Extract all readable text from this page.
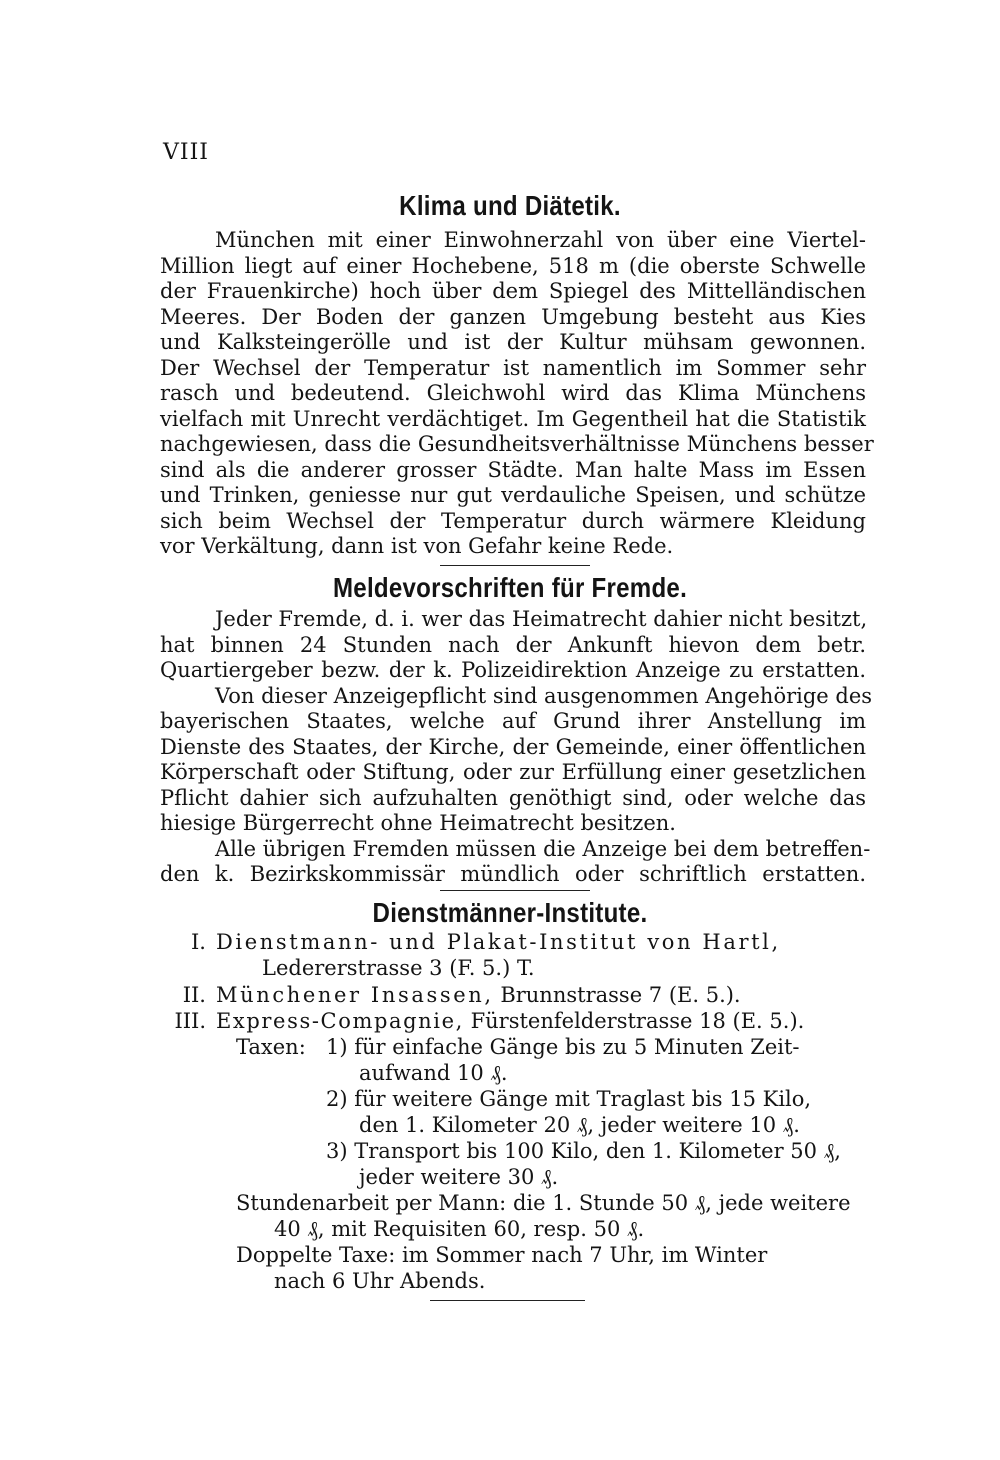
VIII
Klima und Diätetik.
München mit einer Einwohnerzahl von über eine Viertel-
Million liegt auf einer Hochebene, 518 m (die oberste Schwelle
der Frauenkirche) hoch über dem Spiegel des Mittelländischen
Meeres. Der Boden der ganzen Umgebung besteht aus Kies
und Kalksteingerölle und ist der Kultur mühsam gewonnen.
Der Wechsel der Temperatur ist namentlich im Sommer sehr
rasch und bedeutend. Gleichwohl wird das Klima Münchens
vielfach mit Unrecht verdächtiget. Im Gegentheil hat die Statistik
nachgewiesen, dass die Gesundheitsverhältnisse Münchens besser
sind als die anderer grosser Städte. Man halte Mass im Essen
und Trinken, geniesse nur gut verdauliche Speisen, und schütze
sich beim Wechsel der Temperatur durch wärmere Kleidung
vor Verkältung, dann ist von Gefahr keine Rede.
Meldevorschriften für Fremde.
Jeder Fremde, d. i. wer das Heimatrecht dahier nicht besitzt,
hat binnen 24 Stunden nach der Ankunft hievon dem betr.
Quartiergeber bezw. der k. Polizeidirektion Anzeige zu erstatten.
Von dieser Anzeigepflicht sind ausgenommen Angehörige des
bayerischen Staates, welche auf Grund ihrer Anstellung im
Dienste des Staates, der Kirche, der Gemeinde, einer öffentlichen
Körperschaft oder Stiftung, oder zur Erfüllung einer gesetzlichen
Pflicht dahier sich aufzuhalten genöthigt sind, oder welche das
hiesige Bürgerrecht ohne Heimatrecht besitzen.
Alle übrigen Fremden müssen die Anzeige bei dem betreffen-
den k. Bezirkskommissär mündlich oder schriftlich erstatten.
Dienstmänner-Institute.
I. Dienstmann- und Plakat-Institut von Hartl,
Ledererstrasse 3 (F. 5.) T.
II. Münchener Insassen, Brunnstrasse 7 (E. 5.).
III. Express-Compagnie, Fürstenfelderstrasse 18 (E. 5.).
Taxen: 1) für einfache Gänge bis zu 5 Minuten Zeit-
aufwand 10 ₰.
2) für weitere Gänge mit Traglast bis 15 Kilo,
den 1. Kilometer 20 ₰, jeder weitere 10 ₰.
3) Transport bis 100 Kilo, den 1. Kilometer 50 ₰,
jeder weitere 30 ₰.
Stundenarbeit per Mann: die 1. Stunde 50 ₰, jede weitere
40 ₰, mit Requisiten 60, resp. 50 ₰.
Doppelte Taxe: im Sommer nach 7 Uhr, im Winter
nach 6 Uhr Abends.
